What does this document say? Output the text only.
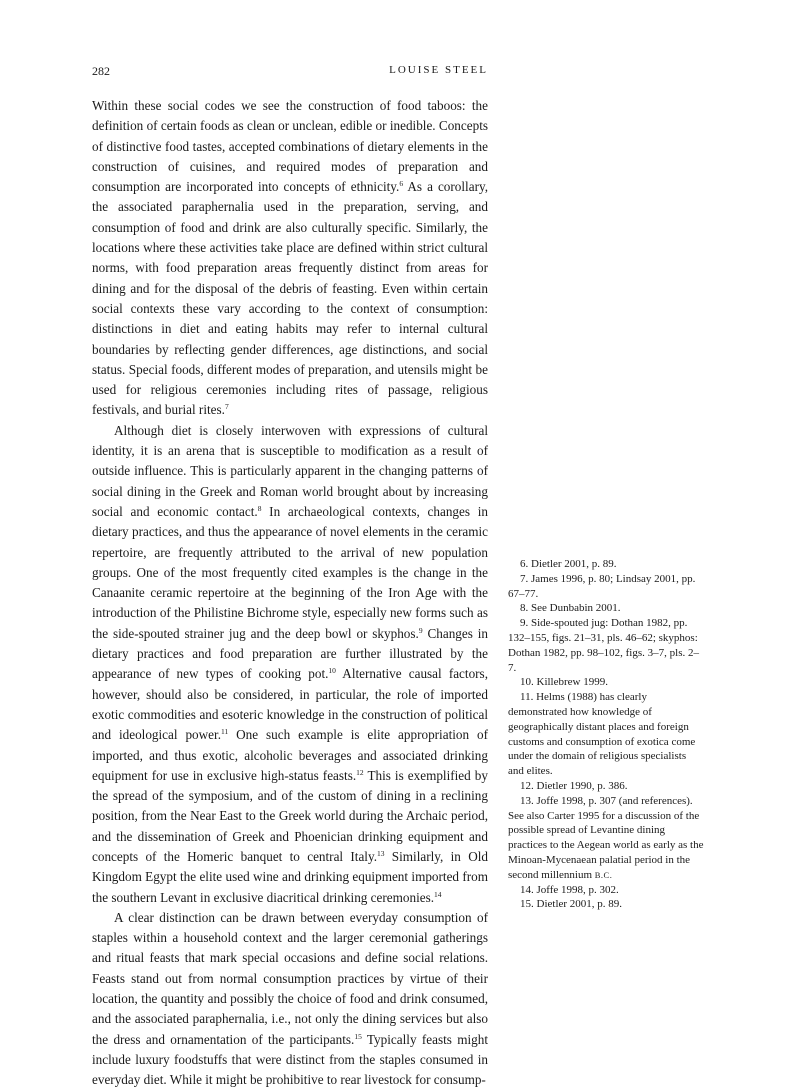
282	LOUISE STEEL

Within these social codes we see the construction of food taboos: the definition of certain foods as clean or unclean, edible or inedible. Concepts of distinctive food tastes, accepted combinations of dietary elements in the construction of cuisines, and required modes of preparation and consumption are incorporated into concepts of ethnicity.$^6$ As a corollary, the associated paraphernalia used in the preparation, serving, and consumption of food and drink are also culturally specific. Similarly, the locations where these activities take place are defined within strict cultural norms, with food preparation areas frequently distinct from areas for dining and for the disposal of the debris of feasting. Even within certain social contexts these vary according to the context of consumption: distinctions in diet and eating habits may refer to internal cultural boundaries by reflecting gender differences, age distinctions, and social status. Special foods, different modes of preparation, and utensils might be used for religious ceremonies including rites of passage, religious festivals, and burial rites.$^7$

Although diet is closely interwoven with expressions of cultural identity, it is an arena that is susceptible to modification as a result of outside influence. This is particularly apparent in the changing patterns of social dining in the Greek and Roman world brought about by increasing social and economic contact.$^8$ In archaeological contexts, changes in dietary practices, and thus the appearance of novel elements in the ceramic repertoire, are frequently attributed to the arrival of new population groups. One of the most frequently cited examples is the change in the Canaanite ceramic repertoire at the beginning of the Iron Age with the introduction of the Philistine Bichrome style, especially new forms such as the side-spouted strainer jug and the deep bowl or skyphos.$^9$ Changes in dietary practices and food preparation are further illustrated by the appearance of new types of cooking pot.$^{10}$ Alternative causal factors, however, should also be considered, in particular, the role of imported exotic commodities and esoteric knowledge in the construction of political and ideological power.$^{11}$ One such example is elite appropriation of imported, and thus exotic, alcoholic beverages and associated drinking equipment for use in exclusive high-status feasts.$^{12}$ This is exemplified by the spread of the symposium, and of the custom of dining in a reclining position, from the Near East to the Greek world during the Archaic period, and the dissemination of Greek and Phoenician drinking equipment and concepts of the Homeric banquet to central Italy.$^{13}$ Similarly, in Old Kingdom Egypt the elite used wine and drinking equipment imported from the southern Levant in exclusive diacritical drinking ceremonies.$^{14}$

A clear distinction can be drawn between everyday consumption of staples within a household context and the larger ceremonial gatherings and ritual feasts that mark special occasions and define social relations. Feasts stand out from normal consumption practices by virtue of their location, the quantity and possibly the choice of food and drink consumed, and the associated paraphernalia, i.e., not only the dining services but also the dress and ornamentation of the participants.$^{15}$ Typically feasts might include luxury foodstuffs that were distinct from the staples consumed in everyday diet. While it might be prohibitive to rear livestock for consump-

6. Dietler 2001, p. 89.

7. James 1996, p. 80; Lindsay 2001, pp. 67–77.

8. See Dunbabin 2001.

9. Side-spouted jug: Dothan 1982, pp. 132–155, figs. 21–31, pls. 46–62; skyphos: Dothan 1982, pp. 98–102, figs. 3–7, pls. 2–7.

10. Killebrew 1999.

11. Helms (1988) has clearly demonstrated how knowledge of geographically distant places and foreign customs and consumption of exotica come under the domain of religious specialists and elites.

12. Dietler 1990, p. 386.

13. Joffe 1998, p. 307 (and references). See also Carter 1995 for a discussion of the possible spread of Levantine dining practices to the Aegean world as early as the Minoan-Mycenaean palatial period in the second millennium B.C.

14. Joffe 1998, p. 302.

15. Dietler 2001, p. 89.
